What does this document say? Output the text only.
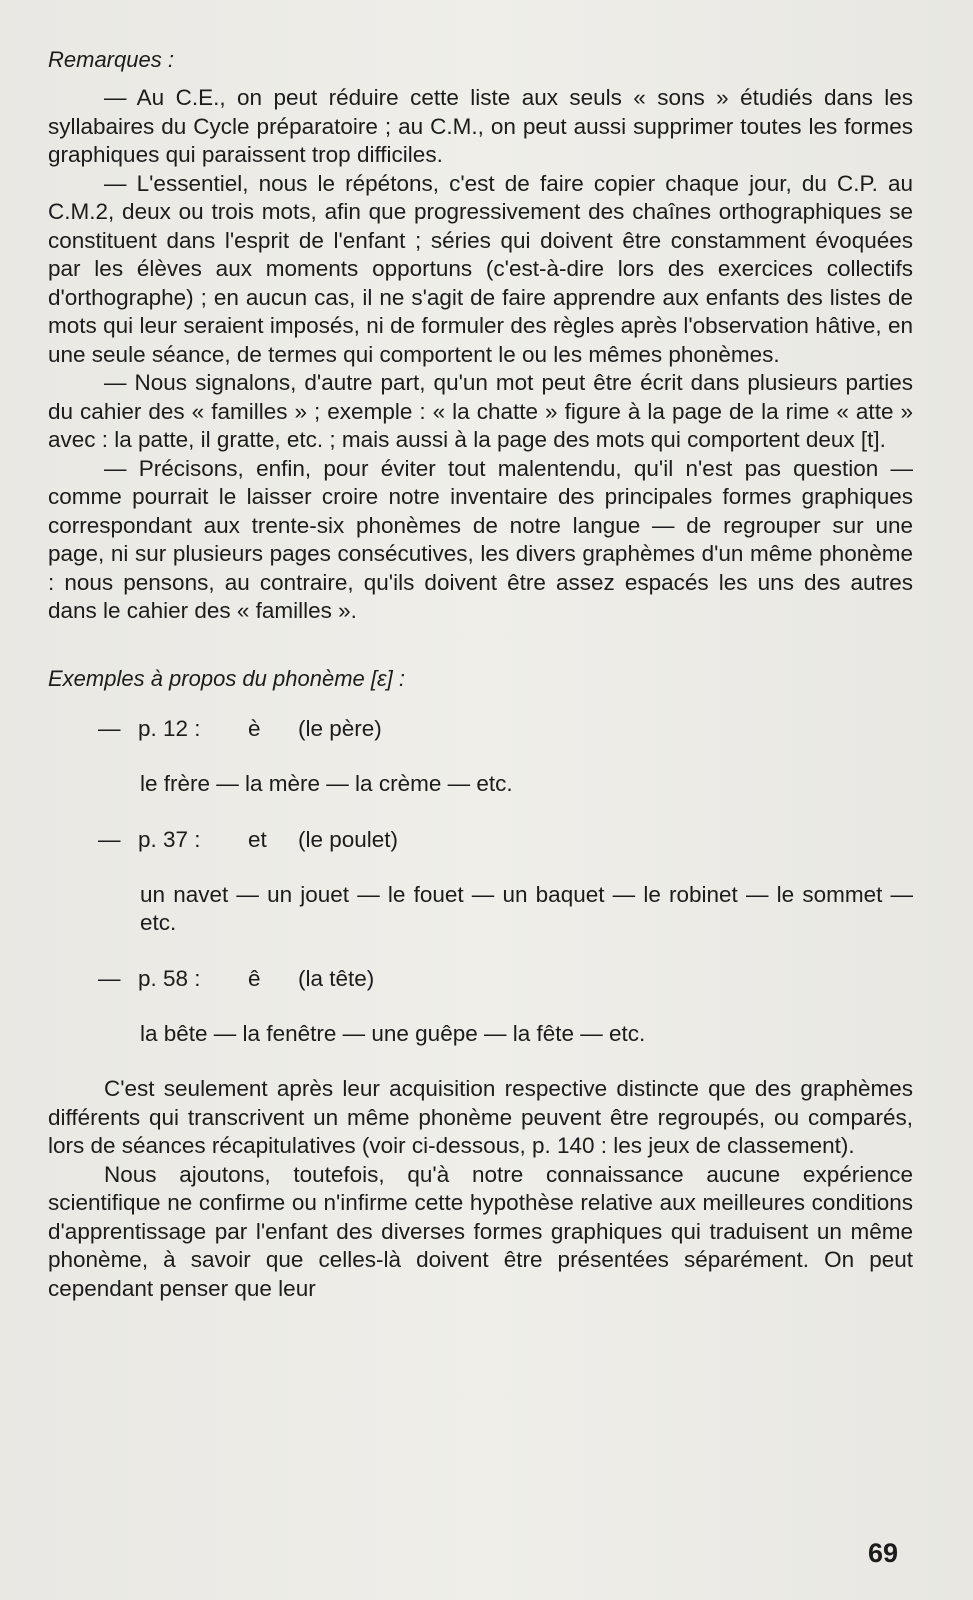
Remarques :

— Au C.E., on peut réduire cette liste aux seuls « sons » étudiés dans les syllabaires du Cycle préparatoire ; au C.M., on peut aussi supprimer toutes les formes graphiques qui paraissent trop difficiles.

— L'essentiel, nous le répétons, c'est de faire copier chaque jour, du C.P. au C.M.2, deux ou trois mots, afin que progressivement des chaînes orthographiques se constituent dans l'esprit de l'enfant ; séries qui doivent être constamment évoquées par les élèves aux moments opportuns (c'est-à-dire lors des exercices collectifs d'orthographe) ; en aucun cas, il ne s'agit de faire apprendre aux enfants des listes de mots qui leur seraient imposés, ni de formuler des règles après l'observation hâtive, en une seule séance, de termes qui comportent le ou les mêmes phonèmes.

— Nous signalons, d'autre part, qu'un mot peut être écrit dans plusieurs parties du cahier des « familles » ; exemple : « la chatte » figure à la page de la rime « atte » avec : la patte, il gratte, etc. ; mais aussi à la page des mots qui comportent deux [t].

— Précisons, enfin, pour éviter tout malentendu, qu'il n'est pas question — comme pourrait le laisser croire notre inventaire des principales formes graphiques correspondant aux trente-six phonèmes de notre langue — de regrouper sur une page, ni sur plusieurs pages consécutives, les divers graphèmes d'un même phonème : nous pensons, au contraire, qu'ils doivent être assez espacés les uns des autres dans le cahier des « familles ».

Exemples à propos du phonème [ɛ] :

— p. 12 :	è	(le père)

le frère — la mère — la crème — etc.

— p. 37 :	et	(le poulet)

un navet — un jouet — le fouet — un baquet — le robinet — le sommet — etc.

— p. 58 :	ê	(la tête)

la bête — la fenêtre — une guêpe — la fête — etc.

C'est seulement après leur acquisition respective distincte que des graphèmes différents qui transcrivent un même phonème peuvent être regroupés, ou comparés, lors de séances récapitulatives (voir ci-dessous, p. 140 : les jeux de classement).

Nous ajoutons, toutefois, qu'à notre connaissance aucune expérience scientifique ne confirme ou n'infirme cette hypothèse relative aux meilleures conditions d'apprentissage par l'enfant des diverses formes graphiques qui traduisent un même phonème, à savoir que celles-là doivent être présentées séparément. On peut cependant penser que leur

69
